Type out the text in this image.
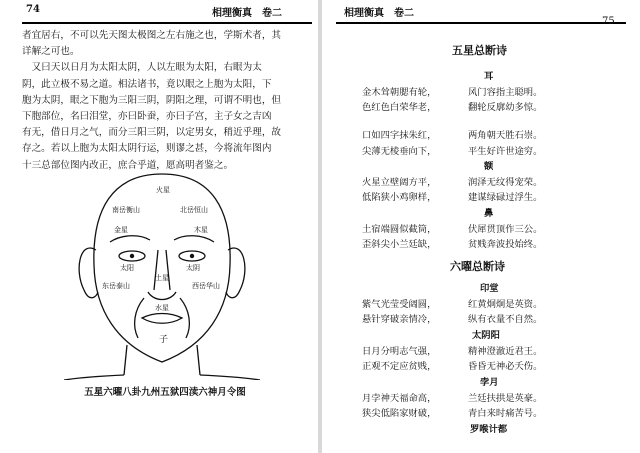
74	相理衡真　卷二
者宜居右，不可以先天图太极图之左右施之也，学斯术者，其
详解之可也。
　又曰天以日月为太阳太阴，人以左眼为太阳，右眼为太
阴，此立极不易之道。相法诸书，竟以眼之上胞为太阳，下
胞为太阴，眼之下胞为三阳三阴，阴阳之理，可谓不明也，但
下胞部位，名曰泪堂，亦曰卧蚕，亦曰子宫，主子女之吉凶
有无，借日月之气，而分三阳三阴，以定男女，稍近乎理，故
存之。若以上胞为太阳太阴行运，则谬之甚，今将流年图内
十三总部位图内改正，庶合乎道，愿高明者鉴之。
火星
南岳衡山	北岳恒山
金星	木星
太阳	太阴
东岳泰山	西岳华山
土星
水星
子
五星六曜八卦九州五狱四渎六神月令图
相理衡真　卷二
75
五星总断诗
耳
金木耸朝腮有轮，	风门容指主聪明。
色红色白荣华老，	翻轮反廓幼多惊。
口如四字抹朱红，	两角朝天胜石崇。
尖薄无棱垂向下，	平生好许世途穷。
额
火星立壁阔方平，	润泽无纹得宠荣。
低陷狭小鸡卵样，	建谋绿碌过浮生。
鼻
土宿端圆似截筒，	伏犀贯顶作三公。
歪斜尖小兰廷缺，	贫贱奔波投始终。
六曜总断诗
印堂
紫气光莹受阔圆，	红黄炯炯是英资。
悬针穿破亲情冷，	纵有衣量不自然。
太阴阳
日月分明志气强，	精神澄澈近君王。
正观不定应贫贱，	昏昏无神必夭伤。
孛月
月孛神天福命高，	兰廷扶拱是英豪。
狭尖低陷家财破，	青白来时痛苦号。
罗喉计都
